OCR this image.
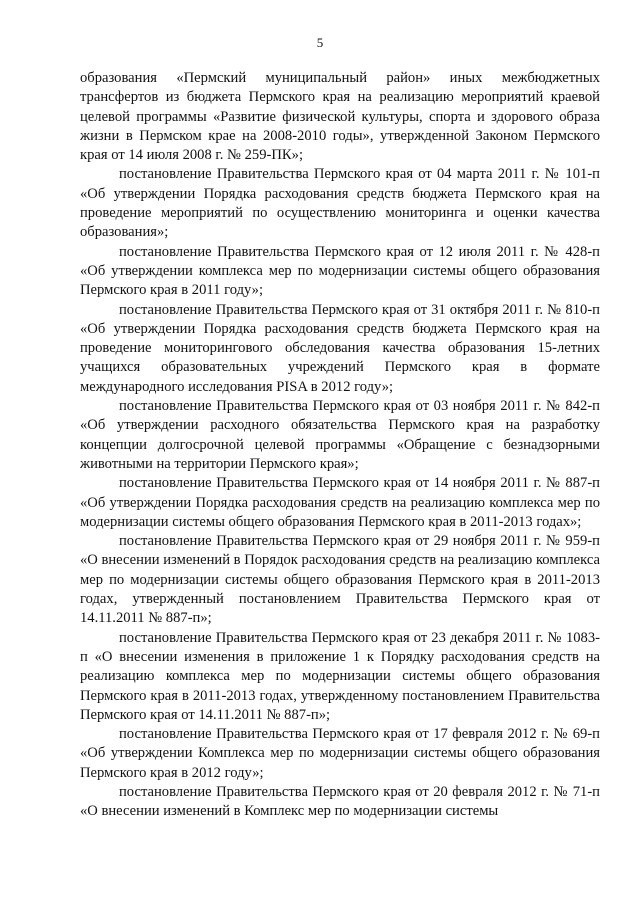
5

образования «Пермский муниципальный район» иных межбюджетных трансфертов из бюджета Пермского края на реализацию мероприятий краевой целевой программы «Развитие физической культуры, спорта и здорового образа жизни в Пермском крае на 2008-2010 годы», утвержденной Законом Пермского края от 14 июля 2008 г. № 259-ПК»;

постановление Правительства Пермского края от 04 марта 2011 г. № 101-п «Об утверждении Порядка расходования средств бюджета Пермского края на проведение мероприятий по осуществлению мониторинга и оценки качества образования»;

постановление Правительства Пермского края от 12 июля 2011 г. № 428-п «Об утверждении комплекса мер по модернизации системы общего образования Пермского края в 2011 году»;

постановление Правительства Пермского края от 31 октября 2011 г. № 810-п «Об утверждении Порядка расходования средств бюджета Пермского края на проведение мониторингового обследования качества образования 15-летних учащихся образовательных учреждений Пермского края в формате международного исследования PISA в 2012 году»;

постановление Правительства Пермского края от 03 ноября 2011 г. № 842-п «Об утверждении расходного обязательства Пермского края на разработку концепции долгосрочной целевой программы «Обращение с безнадзорными животными на территории Пермского края»;

постановление Правительства Пермского края от 14 ноября 2011 г. № 887-п «Об утверждении Порядка расходования средств на реализацию комплекса мер по модернизации системы общего образования Пермского края в 2011-2013 годах»;

постановление Правительства Пермского края от 29 ноября 2011 г. № 959-п «О внесении изменений в Порядок расходования средств на реализацию комплекса мер по модернизации системы общего образования Пермского края в 2011-2013 годах, утвержденный постановлением Правительства Пермского края от 14.11.2011 № 887-п»;

постановление Правительства Пермского края от 23 декабря 2011 г. № 1083-п «О внесении изменения в приложение 1 к Порядку расходования средств на реализацию комплекса мер по модернизации системы общего образования Пермского края в 2011-2013 годах, утвержденному постановлением Правительства Пермского края от 14.11.2011 № 887-п»;

постановление Правительства Пермского края от 17 февраля 2012 г. № 69-п «Об утверждении Комплекса мер по модернизации системы общего образования Пермского края в 2012 году»;

постановление Правительства Пермского края от 20 февраля 2012 г. № 71-п «О внесении изменений в Комплекс мер по модернизации системы
